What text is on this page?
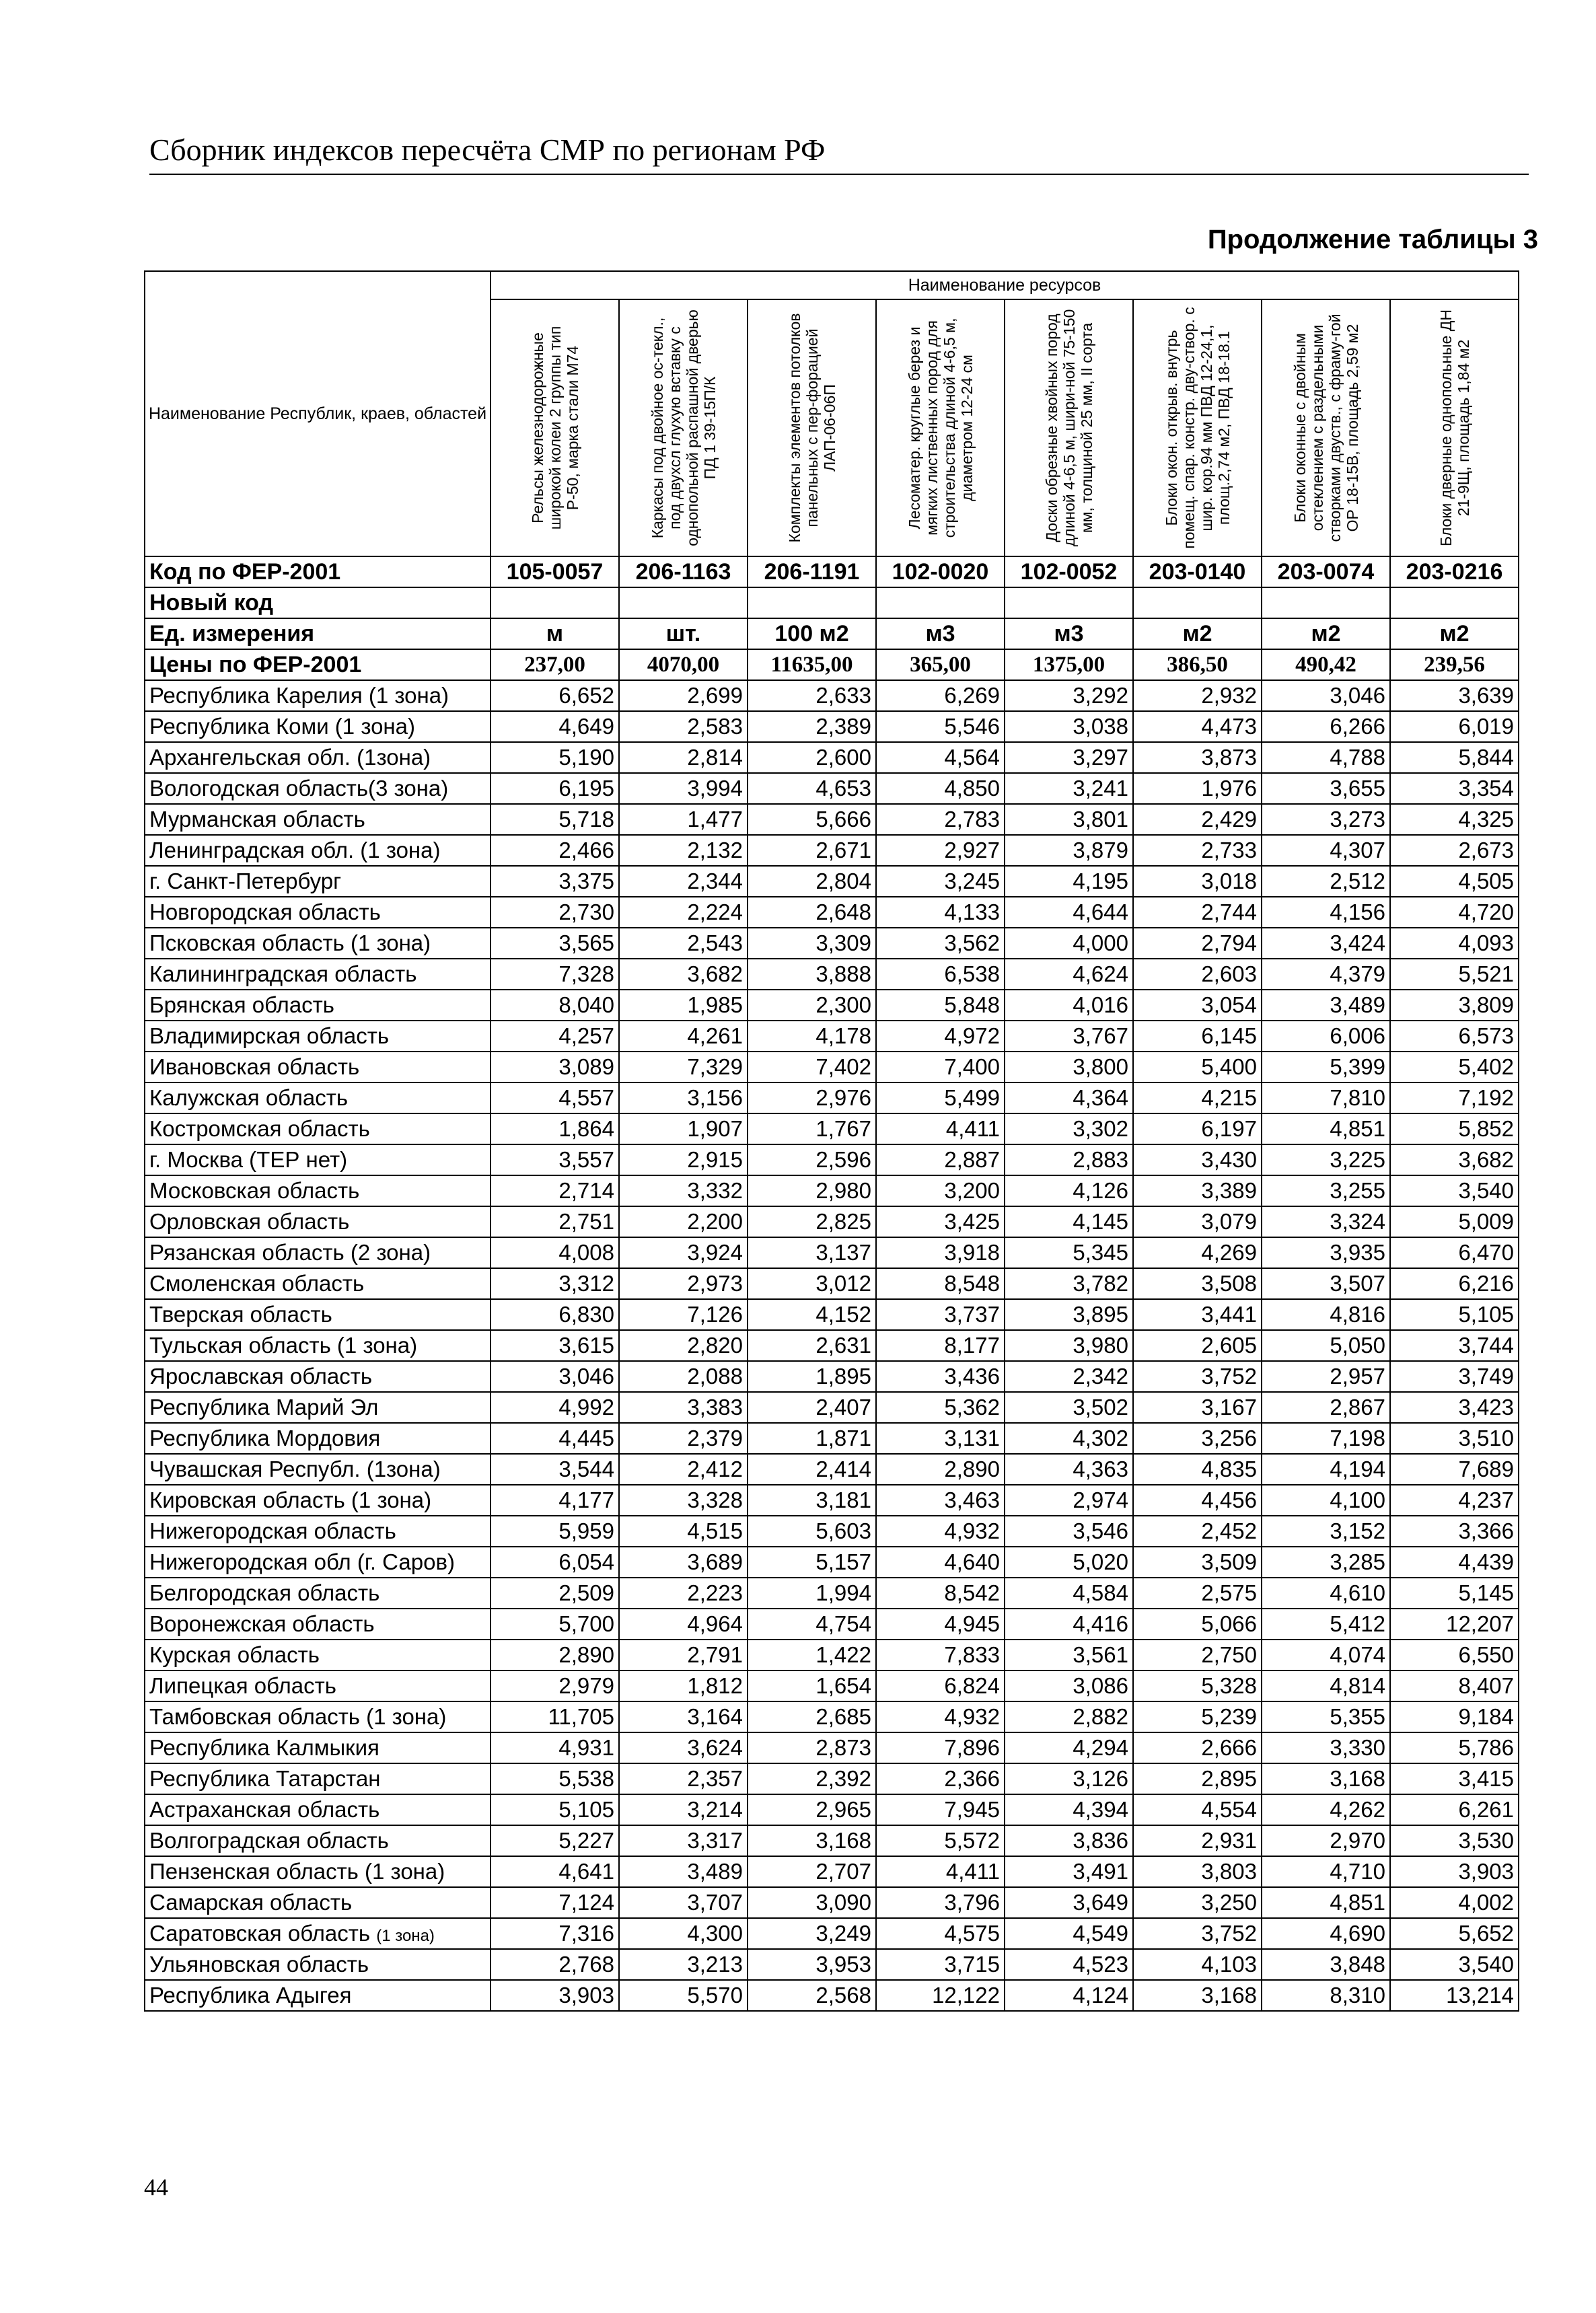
Сборник индексов пересчёта СМР по регионам РФ
Продолжение таблицы 3
Наименование Республик, краев, областей	Наименование ресурсов							

	Рельсы железнодорожные широкой колеи 2 группы тип Р-50, марка стали М74	Каркасы под двойное ос-текл., под двухсл глухую вставку с однопольной распашной дверью ПД 1 39-15П/К	Комплекты элементов потолков панельных с пер-форацией ЛАП-06-06П	Лесоматер. круглые берез и мягких лиственных пород для строительства длиной 4-6,5 м, диаметром 12-24 см	Доски обрезные хвойных пород длиной 4-6,5 м, шири-ной 75-150 мм, толщиной 25 мм, II сорта	Блоки окон. открыв. внутрь помещ. спар. констр. дву-створ. с шир. кор.94 мм ПВД 12-24,1, площ.2,74 м2, ПВД 18-18.1	Блоки оконные с двойным остеклением с раздельными створками двуств., с фраму-гой ОР 18-15В, площадь 2,59 м2	Блоки дверные однопольные ДН 21-9Щ, площадь 1,84 м2

Код по ФЕР-2001	105-0057	206-1163	206-1191	102-0020	102-0052	203-0140	203-0074	203-0216
Новый код								
Ед. измерения	м	шт.	100 м2	м3	м3	м2	м2	м2
Цены по ФЕР-2001	237,00	4070,00	11635,00	365,00	1375,00	386,50	490,42	239,56
Республика Карелия (1 зона)	6,652	2,699	2,633	6,269	3,292	2,932	3,046	3,639
Республика Коми (1 зона)	4,649	2,583	2,389	5,546	3,038	4,473	6,266	6,019
Архангельская обл. (1зона)	5,190	2,814	2,600	4,564	3,297	3,873	4,788	5,844
Вологодская область(3 зона)	6,195	3,994	4,653	4,850	3,241	1,976	3,655	3,354
Мурманская область	5,718	1,477	5,666	2,783	3,801	2,429	3,273	4,325
Ленинградская обл. (1 зона)	2,466	2,132	2,671	2,927	3,879	2,733	4,307	2,673
г. Санкт-Петербург	3,375	2,344	2,804	3,245	4,195	3,018	2,512	4,505
Новгородская область	2,730	2,224	2,648	4,133	4,644	2,744	4,156	4,720
Псковская область (1 зона)	3,565	2,543	3,309	3,562	4,000	2,794	3,424	4,093
Калининградская область	7,328	3,682	3,888	6,538	4,624	2,603	4,379	5,521
Брянская область	8,040	1,985	2,300	5,848	4,016	3,054	3,489	3,809
Владимирская область	4,257	4,261	4,178	4,972	3,767	6,145	6,006	6,573
Ивановская область	3,089	7,329	7,402	7,400	3,800	5,400	5,399	5,402
Калужская область	4,557	3,156	2,976	5,499	4,364	4,215	7,810	7,192
Костромская область	1,864	1,907	1,767	4,411	3,302	6,197	4,851	5,852
г. Москва (ТЕР нет)	3,557	2,915	2,596	2,887	2,883	3,430	3,225	3,682
Московская область	2,714	3,332	2,980	3,200	4,126	3,389	3,255	3,540
Орловская область	2,751	2,200	2,825	3,425	4,145	3,079	3,324	5,009
Рязанская область (2 зона)	4,008	3,924	3,137	3,918	5,345	4,269	3,935	6,470
Смоленская область	3,312	2,973	3,012	8,548	3,782	3,508	3,507	6,216
Тверская область	6,830	7,126	4,152	3,737	3,895	3,441	4,816	5,105
Тульская область (1 зона)	3,615	2,820	2,631	8,177	3,980	2,605	5,050	3,744
Ярославская область	3,046	2,088	1,895	3,436	2,342	3,752	2,957	3,749
Республика Марий Эл	4,992	3,383	2,407	5,362	3,502	3,167	2,867	3,423
Республика Мордовия	4,445	2,379	1,871	3,131	4,302	3,256	7,198	3,510
Чувашская Республ. (1зона)	3,544	2,412	2,414	2,890	4,363	4,835	4,194	7,689
Кировская область (1 зона)	4,177	3,328	3,181	3,463	2,974	4,456	4,100	4,237
Нижегородская область	5,959	4,515	5,603	4,932	3,546	2,452	3,152	3,366
Нижегородская обл (г. Саров)	6,054	3,689	5,157	4,640	5,020	3,509	3,285	4,439
Белгородская область	2,509	2,223	1,994	8,542	4,584	2,575	4,610	5,145
Воронежская область	5,700	4,964	4,754	4,945	4,416	5,066	5,412	12,207
Курская область	2,890	2,791	1,422	7,833	3,561	2,750	4,074	6,550
Липецкая область	2,979	1,812	1,654	6,824	3,086	5,328	4,814	8,407
Тамбовская область (1 зона)	11,705	3,164	2,685	4,932	2,882	5,239	5,355	9,184
Республика Калмыкия	4,931	3,624	2,873	7,896	4,294	2,666	3,330	5,786
Республика Татарстан	5,538	2,357	2,392	2,366	3,126	2,895	3,168	3,415
Астраханская область	5,105	3,214	2,965	7,945	4,394	4,554	4,262	6,261
Волгоградская область	5,227	3,317	3,168	5,572	3,836	2,931	2,970	3,530
Пензенская область (1 зона)	4,641	3,489	2,707	4,411	3,491	3,803	4,710	3,903
Самарская область	7,124	3,707	3,090	3,796	3,649	3,250	4,851	4,002
Саратовская область (1 зона)	7,316	4,300	3,249	4,575	4,549	3,752	4,690	5,652
Ульяновская область	2,768	3,213	3,953	3,715	4,523	4,103	3,848	3,540
Республика Адыгея	3,903	5,570	2,568	12,122	4,124	3,168	8,310	13,214
44
